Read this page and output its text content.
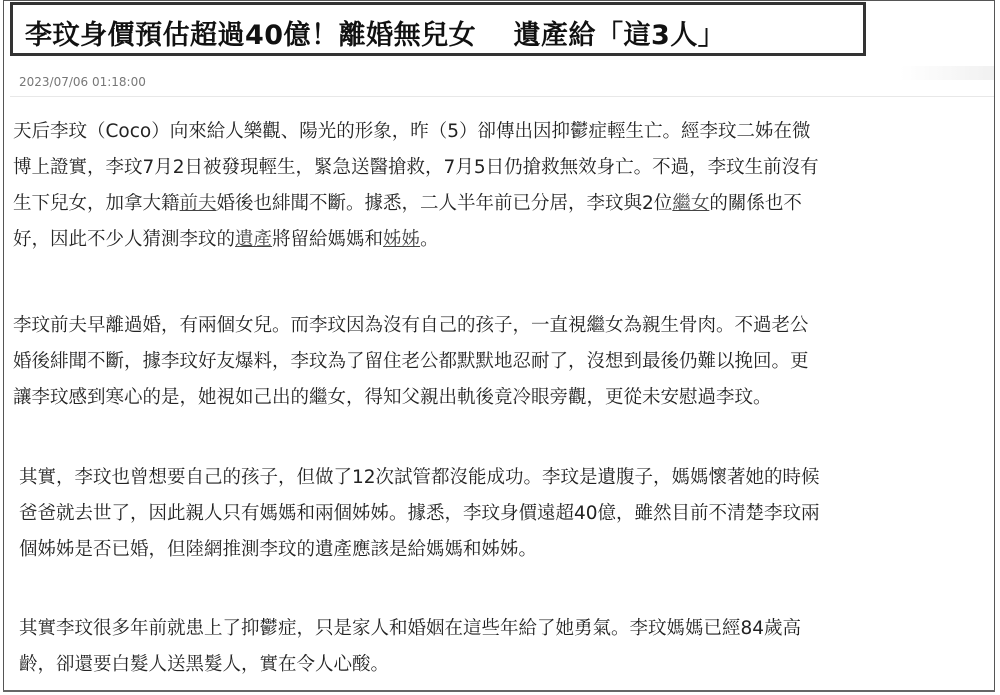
李玟身價預估超過40億！離婚無兒女　 遺產給「這3人」
2023/07/06 01:18:00

天后李玟（Coco）向來給人樂觀、陽光的形象，昨（5）卻傳出因抑鬱症輕生亡。經李玟二姊在微
博上證實，李玟7月2日被發現輕生，緊急送醫搶救，7月5日仍搶救無效身亡。不過，李玟生前沒有
生下兒女，加拿大籍前夫婚後也緋聞不斷。據悉，二人半年前已分居，李玟與2位繼女的關係也不
好，因此不少人猜測李玟的遺產將留給媽媽和姊姊。

李玟前夫早離過婚，有兩個女兒。而李玟因為沒有自己的孩子，一直視繼女為親生骨肉。不過老公
婚後緋聞不斷，據李玟好友爆料，李玟為了留住老公都默默地忍耐了，沒想到最後仍難以挽回。更
讓李玟感到寒心的是，她視如己出的繼女，得知父親出軌後竟冷眼旁觀，更從未安慰過李玟。

其實，李玟也曾想要自己的孩子，但做了12次試管都沒能成功。李玟是遺腹子，媽媽懷著她的時候
爸爸就去世了，因此親人只有媽媽和兩個姊姊。據悉，李玟身價遠超40億，雖然目前不清楚李玟兩
個姊姊是否已婚，但陸網推測李玟的遺產應該是給媽媽和姊姊。

其實李玟很多年前就患上了抑鬱症，只是家人和婚姻在這些年給了她勇氣。李玟媽媽已經84歲高
齡，卻還要白髮人送黑髮人，實在令人心酸。
